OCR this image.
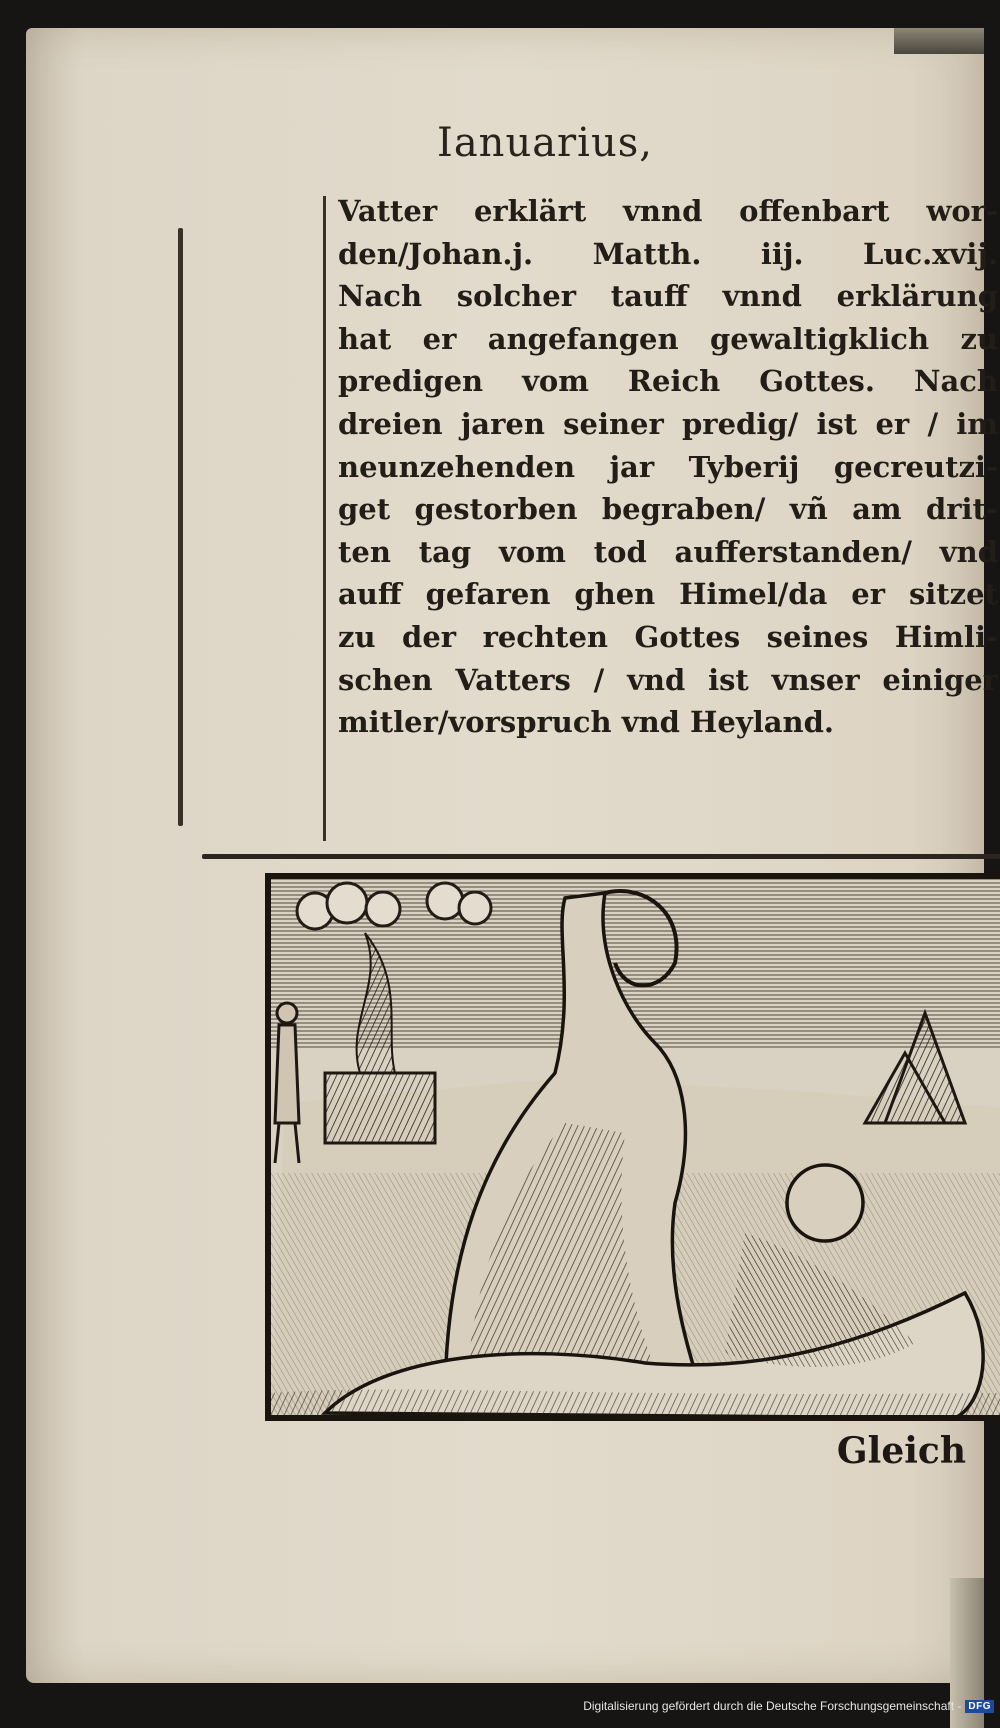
Ianuarius,
Vatter erklärt vnnd offenbart wor-
den/Johan.j. Matth. iij. Luc.xvij.
Nach solcher tauff vnnd erklärung
hat er angefangen gewaltigklich zu
predigen vom Reich Gottes. Nach
dreien jaren seiner predig/ ist er / im
neunzehenden jar Tyberij gecreutzi-
get gestorben begraben/ vñ am drit-
ten tag vom tod aufferstanden/ vnd
auff gefaren ghen Himel/da er sitzet
zu der rechten Gottes seines Himli-
schen Vatters / vnd ist vnser einiger
mitler/vorspruch vnd Heyland.

Gleich

Digitalisierung gefördert durch die Deutsche Forschungsgemeinschaft - DFG
